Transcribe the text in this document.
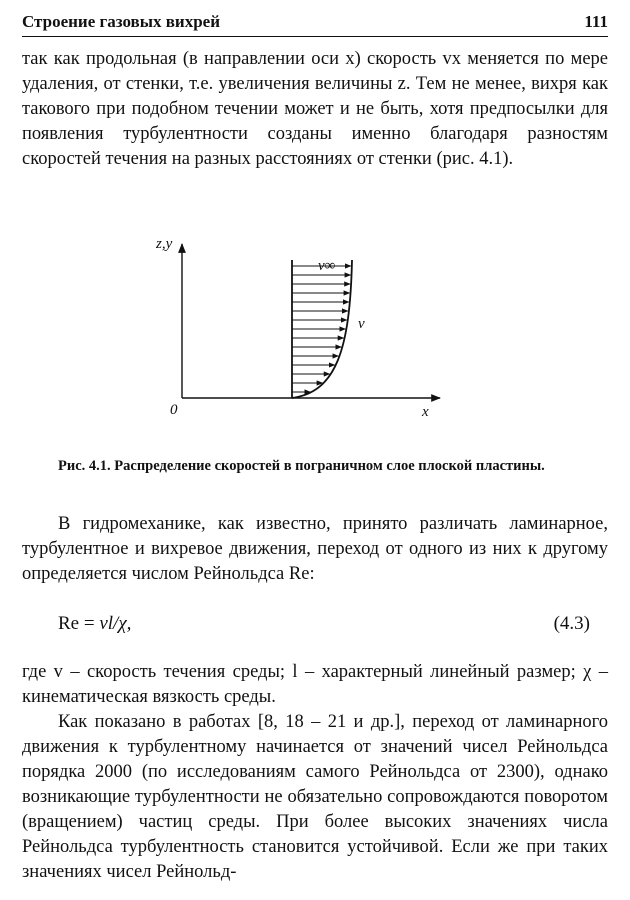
Строение газовых вихрей	111

так как продольная (в направлении оси x) скорость vx меняется по мере удаления, от стенки, т.е. увеличения величины z. Тем не менее, вихря как такового при подобном течении может и не быть, хотя предпосылки для появления турбулентности созданы именно благодаря разностям скоростей течения на разных расстояниях от стенки (рис. 4.1).

z,y
x
0
v∞
v

Рис. 4.1. Распределение скоростей в пограничном слое плоской пластины.

В гидромеханике, как известно, принято различать ламинарное, турбулентное и вихревое движения, переход от одного из них к другому определяется числом Рейнольдса Re:

Re = vl/χ,	(4.3)

где v – скорость течения среды; l – характерный линейный размер; χ – кинематическая вязкость среды.

Как показано в работах [8, 18 – 21 и др.], переход от ламинарного движения к турбулентному начинается от значений чисел Рейнольдса порядка 2000 (по исследованиям самого Рейнольдса от 2300), однако возникающие турбулентности не обязательно сопровождаются поворотом (вращением) частиц среды. При более высоких значениях числа Рейнольдса турбулентность становится устойчивой. Если же при таких значениях чисел Рейнольд-
